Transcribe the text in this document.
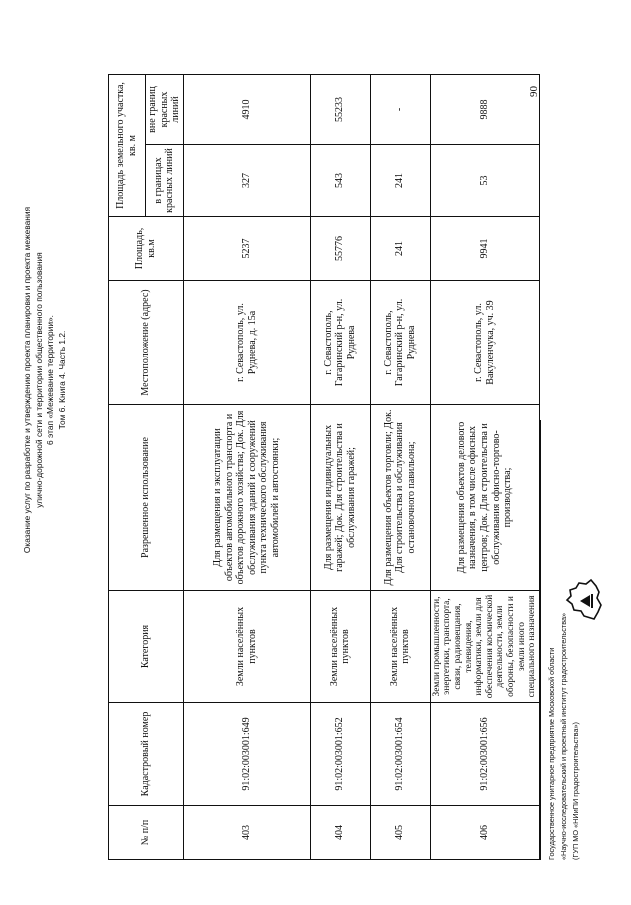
Оказание услуг по разработке и утверждению проекта планировки и проекта межевания улично-дорожной сети и территории общественного пользования 6 этап «Межевание территории». Том 6. Книга 4. Часть 1.2.
90
№ п/п	Кадастровый номер	Категория	Разрешенное использование	Местоположение (адрес)	Площадь, кв.м	Площадь земельного участка, кв. м	
						в границах красных линий	вне границ красных линий
403	91:02:003001:649	Земли населённых пунктов	Для размещения и эксплуатации объектов автомобильного транспорта и объектов дорожного хозяйства; Док. Для обслуживания зданий и сооружений пункта технического обслуживания автомобилей и автостоянки;	г. Севастополь, ул. Руднева, д. 15а	5237	327	4910
404	91:02:003001:652	Земли населённых пунктов	Для размещения индивидуальных гаражей; Док. Для строительства и обслуживания гаражей;	г. Севастополь, Гагаринский р-н, ул. Руднева	55776	543	55233
405	91:02:003001:654	Земли населённых пунктов	Для размещения объектов торговли; Док. Для строительства и обслуживания остановочного павильона;	г. Севастополь, Гагаринский р-н, ул. Руднева	241	241	-
406	91:02:003001:656	Земли промышленности, энергетики, транспорта, связи, радиовещания, телевидения, информатики, земли для обеспечения космической деятельности, земли обороны, безопасности и земли иного специального назначения	Для размещения объектов делового назначения, в том числе офисных центров; Док. Для строительства и обслуживания офисно-торгово-производства;	г. Севастополь, ул. Вакуленчука, уч. 39	9941	53	9888
Государственное унитарное предприятие Московской области «Научно-исследовательский и проектный институт градостроительства» (ГУП МО «НИиПИ градостроительства»)
